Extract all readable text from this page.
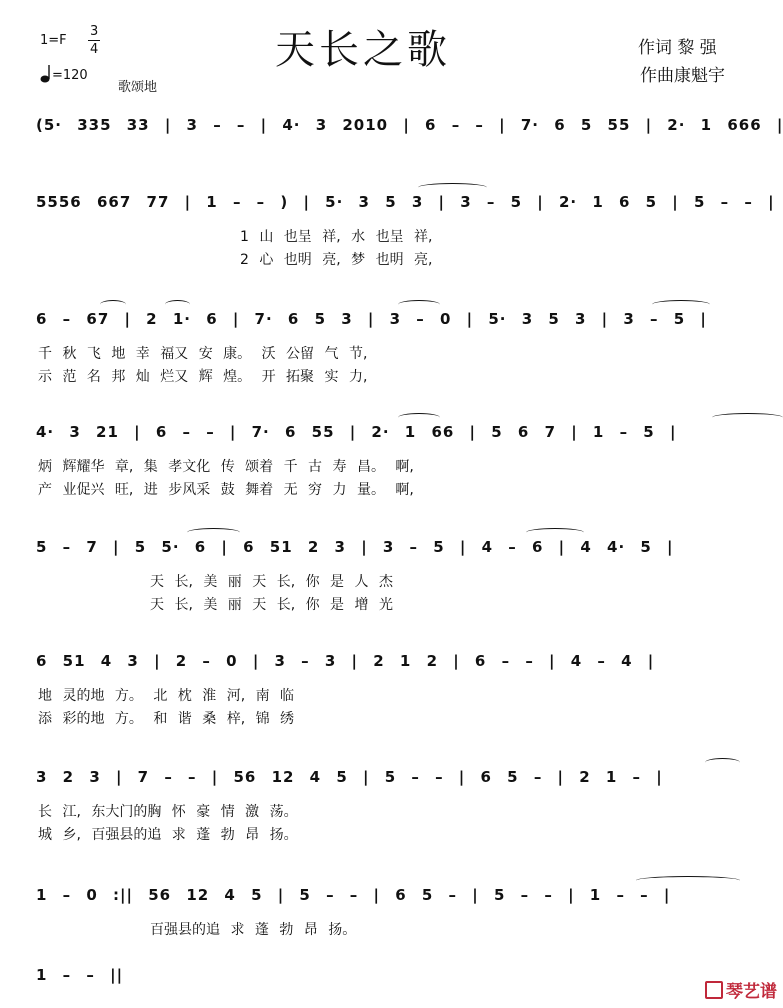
天长之歌
1=F
3
4
=120
歌颂地
作词 黎 强
作曲康魁宇
(5· 335 33 | 3 – – | 4· 3 2010 | 6 – – | 7· 6 5 55 | 2· 1 666 |
5556 667 77 | 1 – – ) | 5· 3 5 3 | 3 – 5 | 2· 1 6 5 | 5 – – |
1 山 也呈 祥, 水 也呈 祥,
2 心 也明 亮, 梦 也明 亮,
6 – 67 | 2 1· 6 | 7· 6 5 3 | 3 – 0 | 5· 3 5 3 | 3 – 5 |
千 秋 飞 地 幸 福又 安 康。 沃 公留 气 节,
示 范 名 邦 灿 烂又 辉 煌。 开 拓聚 实 力,
4· 3 21 | 6 – – | 7· 6 55 | 2· 1 66 | 5 6 7 | 1 – 5 |
炳 辉耀华 章, 集 孝文化 传 颂着 千 古 寿 昌。 啊,
产 业促兴 旺, 进 步风采 鼓 舞着 无 穷 力 量。 啊,
5 – 7 | 5 5· 6 | 6 51 2 3 | 3 – 5 | 4 – 6 | 4 4· 5 |
天 长, 美 丽 天 长, 你 是 人 杰
天 长, 美 丽 天 长, 你 是 增 光
6 51 4 3 | 2 – 0 | 3 – 3 | 2 1 2 | 6 – – | 4 – 4 |
地 灵的地 方。 北 枕 淮 河, 南 临
添 彩的地 方。 和 谐 桑 梓, 锦 绣
3 2 3 | 7 – – | 56 12 4 5 | 5 – – | 6 5 – | 2 1 – |
长 江, 东大门的胸 怀 豪 情 激 荡。
城 乡, 百强县的追 求 蓬 勃 昂 扬。
1 – 0 :|| 56 12 4 5 | 5 – – | 6 5 – | 5 – – | 1 – – |
百强县的追 求 蓬 勃 昂 扬。
1 – – ||
琴艺谱
